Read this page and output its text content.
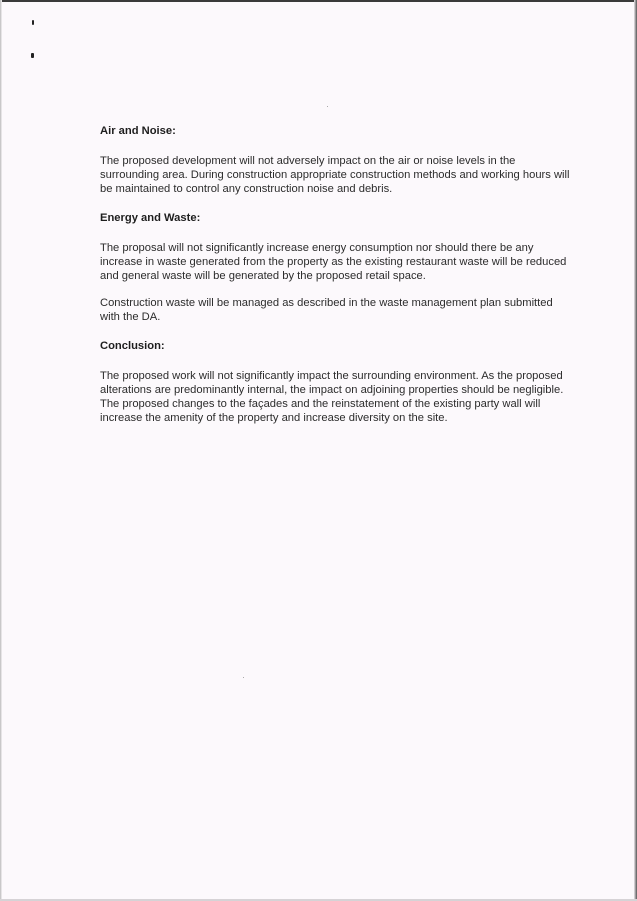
Air and Noise:

The proposed development will not adversely impact on the air or noise levels in the surrounding area. During construction appropriate construction methods and working hours will be maintained to control any construction noise and debris.

Energy and Waste:

The proposal will not significantly increase energy consumption nor should there be any increase in waste generated from the property as the existing restaurant waste will be reduced and general waste will be generated by the proposed retail space.

Construction waste will be managed as described in the waste management plan submitted with the DA.

Conclusion:

The proposed work will not significantly impact the surrounding environment. As the proposed alterations are predominantly internal, the impact on adjoining properties should be negligible. The proposed changes to the façades and the reinstatement of the existing party wall will increase the amenity of the property and increase diversity on the site.
